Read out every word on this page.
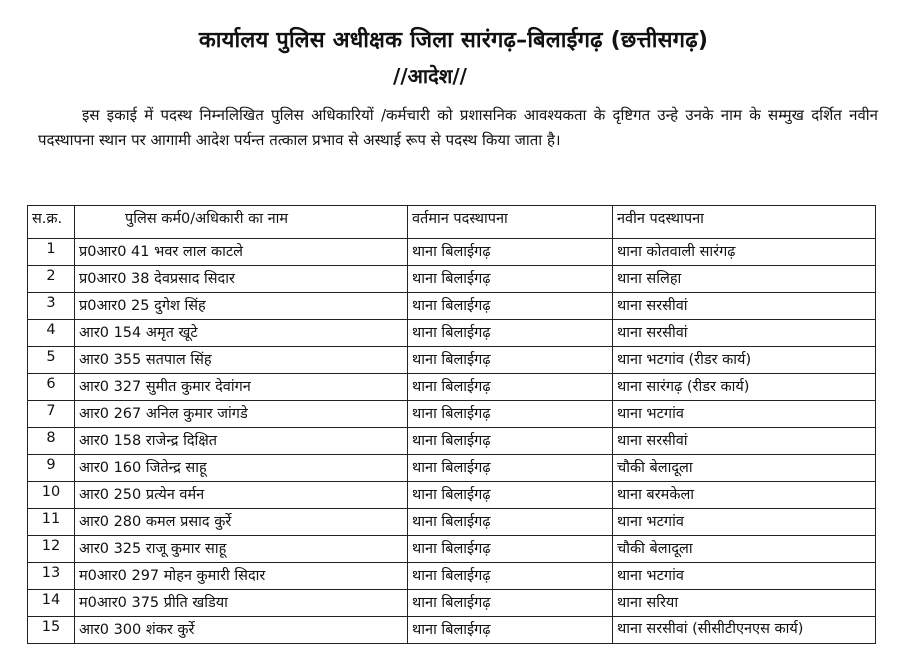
कार्यालय पुलिस अधीक्षक जिला सारंगढ़–बिलाईगढ़ (छत्तीसगढ़)
//आदेश//
इस इकाई में पदस्थ निम्नलिखित पुलिस अधिकारियों /कर्मचारी को प्रशासनिक आवश्यकता के दृष्टिगत उन्हे उनके नाम के सम्मुख दर्शित नवीन पदस्थापना स्थान पर आगामी आदेश पर्यन्त तत्काल प्रभाव से अस्थाई रूप से पदस्थ किया जाता है।
स.क्र.	पुलिस कर्म0/अधिकारी का नाम	वर्तमान पदस्थापना	नवीन पदस्थापना
1	प्र0आर0 41 भवर लाल काटले	थाना बिलाईगढ़	थाना कोतवाली सारंगढ़
2	प्र0आर0 38 देवप्रसाद सिदार	थाना बिलाईगढ़	थाना सलिहा
3	प्र0आर0 25 दुगेश सिंह	थाना बिलाईगढ़	थाना सरसीवां
4	आर0 154 अमृत खूटे	थाना बिलाईगढ़	थाना सरसीवां
5	आर0 355 सतपाल सिंह	थाना बिलाईगढ़	थाना भटगांव (रीडर कार्य)
6	आर0 327 सुमीत कुमार देवांगन	थाना बिलाईगढ़	थाना सारंगढ़ (रीडर कार्य)
7	आर0 267 अनिल कुमार जांगडे	थाना बिलाईगढ़	थाना भटगांव
8	आर0 158 राजेन्द्र दिक्षित	थाना बिलाईगढ़	थाना सरसीवां
9	आर0 160 जितेन्द्र साहू	थाना बिलाईगढ़	चौकी बेलादूला
10	आर0 250 प्रत्येन वर्मन	थाना बिलाईगढ़	थाना बरमकेला
11	आर0 280 कमल प्रसाद कुर्रे	थाना बिलाईगढ़	थाना भटगांव
12	आर0 325 राजू कुमार साहू	थाना बिलाईगढ़	चौकी बेलादूला
13	म0आर0 297 मोहन कुमारी सिदार	थाना बिलाईगढ़	थाना भटगांव
14	म0आर0 375 प्रीति खडिया	थाना बिलाईगढ़	थाना सरिया
15	आर0 300 शंकर कुर्रे	थाना बिलाईगढ़	थाना सरसीवां (सीसीटीएनएस कार्य)
